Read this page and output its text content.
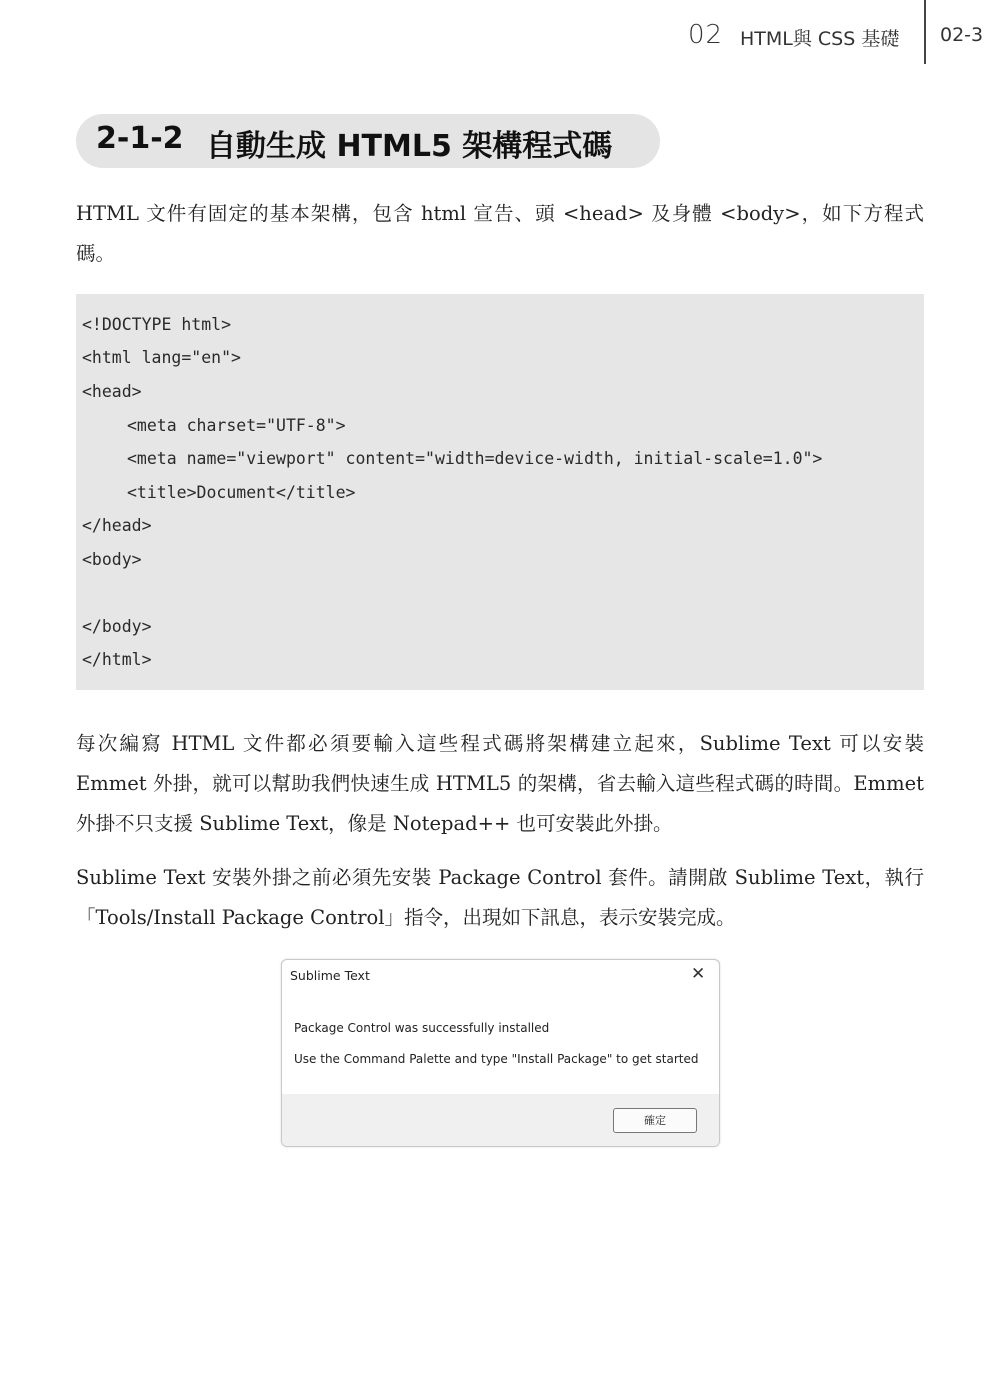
02 HTML與 CSS 基礎 02-3
2-1-2 自動生成 HTML5 架構程式碼
HTML 文件有固定的基本架構，包含 html 宣告、頭 <head> 及身體 <body>，如下方程式碼。
<!DOCTYPE html>
<html lang="en">
<head>
<meta charset="UTF-8">
<meta name="viewport" content="width=device-width, initial-scale=1.0">
<title>Document</title>
</head>
<body>
</body>
</html>
每次編寫 HTML 文件都必須要輸入這些程式碼將架構建立起來，Sublime Text 可以安裝 Emmet 外掛，就可以幫助我們快速生成 HTML5 的架構，省去輸入這些程式碼的時間。Emmet 外掛不只支援 Sublime Text，像是 Notepad++ 也可安裝此外掛。
Sublime Text 安裝外掛之前必須先安裝 Package Control 套件。請開啟 Sublime Text，執行「Tools/Install Package Control」指令，出現如下訊息，表示安裝完成。
Sublime Text	✕
Package Control was successfully installed
Use the Command Palette and type "Install Package" to get started
確定
